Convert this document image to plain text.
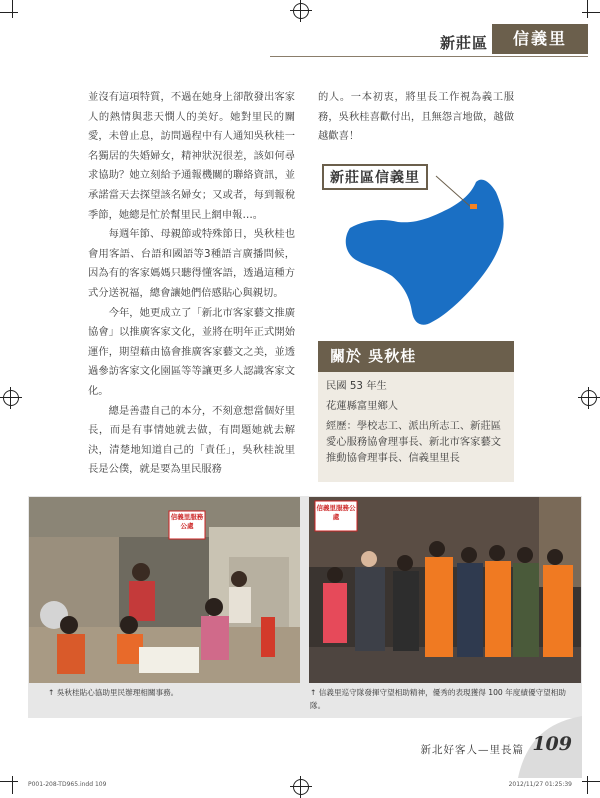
新莊區	信義里

並沒有這項特質，不過在她身上卻散發出客家人的熱情與悲天憫人的美好。她對里民的關愛，未曾止息，訪問過程中有人通知吳秋桂一名獨居的失婚婦女，精神狀況很差，該如何尋求協助？她立刻給予通報機關的聯絡資訊，並承諾當天去探望該名婦女；又或者，每到報稅季節，她總是忙於幫里民上網申報…。

每週年節、母親節或特殊節日，吳秋桂也會用客語、台語和國語等3種語言廣播問候，因為有的客家媽媽只聽得懂客語，透過這種方式分送祝福，總會讓她們倍感貼心與親切。

今年，她更成立了「新北市客家藝文推廣協會」以推廣客家文化，並將在明年正式開始運作，期望藉由協會推廣客家藝文之美，並透過參訪客家文化園區等等讓更多人認識客家文化。

總是善盡自己的本分，不刻意想當個好里長，而是有事情她就去做，有問題她就去解決，清楚地知道自己的「責任」，吳秋桂說里長是公僕，就是要為里民服務

的人。一本初衷，將里長工作視為義工服務，吳秋桂喜歡付出，且無怨言地做，越做越歡喜！

新莊區信義里
關於 吳秋桂
民國 53 年生
花蓮縣富里鄉人
經歷：學校志工、派出所志工、新莊區愛心服務協會理事長、新北市客家藝文推動協會理事長、信義里里長
信義里服務公處
↑ 吳秋桂貼心協助里民辦理相關事務。
信義里服務公處
↑ 信義里巡守隊發揮守望相助精神，優秀的表現獲得 100 年度績優守望相助隊。
新北好客人—里長篇 109
P001-208-TD965.indd 109	2012/11/27 01:25:39
